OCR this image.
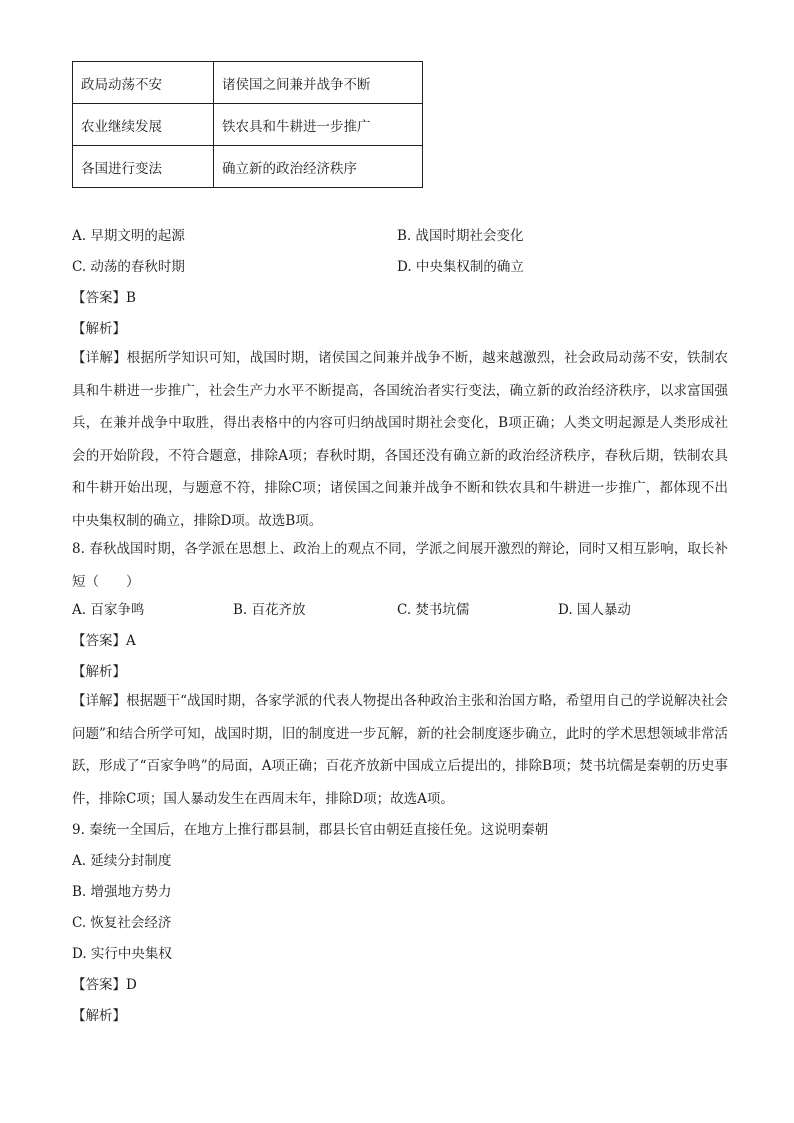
政局动荡不安	诸侯国之间兼并战争不断
农业继续发展	铁农具和牛耕进一步推广
各国进行变法	确立新的政治经济秩序
A. 早期文明的起源	B. 战国时期社会变化
C. 动荡的春秋时期	D. 中央集权制的确立
【答案】B
【解析】
【详解】根据所学知识可知，战国时期，诸侯国之间兼并战争不断，越来越激烈，社会政局动荡不安，铁制农具和牛耕进一步推广，社会生产力水平不断提高，各国统治者实行变法，确立新的政治经济秩序，以求富国强兵，在兼并战争中取胜，得出表格中的内容可归纳战国时期社会变化，B项正确；人类文明起源是人类形成社会的开始阶段，不符合题意，排除A项；春秋时期，各国还没有确立新的政治经济秩序，春秋后期，铁制农具和牛耕开始出现，与题意不符，排除C项；诸侯国之间兼并战争不断和铁农具和牛耕进一步推广，都体现不出中央集权制的确立，排除D项。故选B项。
8. 春秋战国时期，各学派在思想上、政治上的观点不同，学派之间展开激烈的辩论，同时又相互影响，取长补短（　　）
A. 百家争鸣	B. 百花齐放	C. 焚书坑儒	D. 国人暴动
【答案】A
【解析】
【详解】根据题干“战国时期，各家学派的代表人物提出各种政治主张和治国方略，希望用自己的学说解决社会问题”和结合所学可知，战国时期，旧的制度进一步瓦解，新的社会制度逐步确立，此时的学术思想领域非常活跃，形成了“百家争鸣”的局面，A项正确；百花齐放新中国成立后提出的，排除B项；焚书坑儒是秦朝的历史事件，排除C项；国人暴动发生在西周末年，排除D项；故选A项。
9. 秦统一全国后，在地方上推行郡县制，郡县长官由朝廷直接任免。这说明秦朝
A. 延续分封制度
B. 增强地方势力
C. 恢复社会经济
D. 实行中央集权
【答案】D
【解析】
